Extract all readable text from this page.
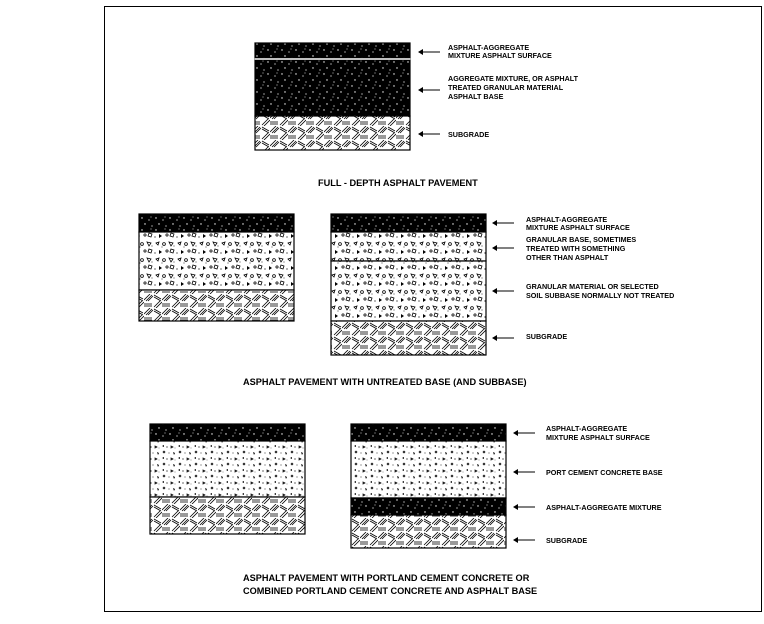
ASPHALT-AGGREGATE
MIXTURE ASPHALT SURFACE
AGGREGATE MIXTURE, OR ASPHALT
TREATED GRANULAR MATERIAL
ASPHALT BASE
SUBGRADE
FULL - DEPTH ASPHALT PAVEMENT
ASPHALT-AGGREGATE
MIXTURE ASPHALT SURFACE
GRANULAR BASE, SOMETIMES
TREATED WITH SOMETHING
OTHER THAN ASPHALT
GRANULAR MATERIAL OR SELECTED
SOIL SUBBASE NORMALLY NOT TREATED
SUBGRADE
ASPHALT PAVEMENT WITH UNTREATED BASE (AND SUBBASE)
ASPHALT-AGGREGATE
MIXTURE ASPHALT SURFACE
PORT CEMENT CONCRETE BASE
ASPHALT-AGGREGATE MIXTURE
SUBGRADE
ASPHALT PAVEMENT WITH PORTLAND CEMENT CONCRETE OR
COMBINED PORTLAND CEMENT CONCRETE AND ASPHALT BASE
